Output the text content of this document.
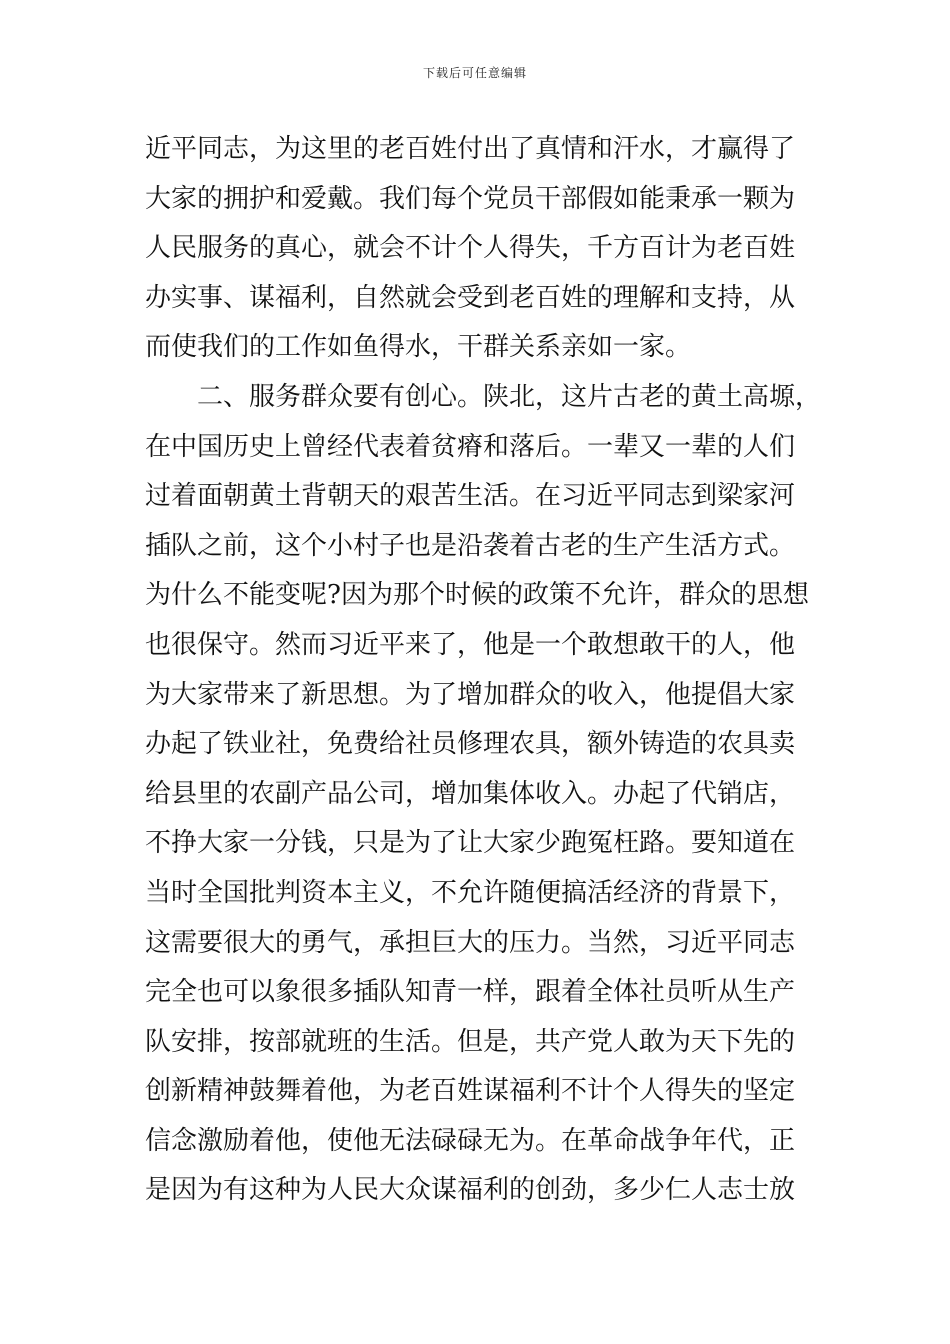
下载后可任意编辑
近平同志，为这里的老百姓付出了真情和汗水，才赢得了
大家的拥护和爱戴。我们每个党员干部假如能秉承一颗为
人民服务的真心，就会不计个人得失，千方百计为老百姓
办实事、谋福利，自然就会受到老百姓的理解和支持，从
而使我们的工作如鱼得水，干群关系亲如一家。
　　二、服务群众要有创心。陕北，这片古老的黄土高塬，
在中国历史上曾经代表着贫瘠和落后。一辈又一辈的人们
过着面朝黄土背朝天的艰苦生活。在习近平同志到梁家河
插队之前，这个小村子也是沿袭着古老的生产生活方式。
为什么不能变呢?因为那个时候的政策不允许，群众的思想
也很保守。然而习近平来了，他是一个敢想敢干的人，他
为大家带来了新思想。为了增加群众的收入，他提倡大家
办起了铁业社，免费给社员修理农具，额外铸造的农具卖
给县里的农副产品公司，增加集体收入。办起了代销店，
不挣大家一分钱，只是为了让大家少跑冤枉路。要知道在
当时全国批判资本主义，不允许随便搞活经济的背景下，
这需要很大的勇气，承担巨大的压力。当然，习近平同志
完全也可以象很多插队知青一样，跟着全体社员听从生产
队安排，按部就班的生活。但是，共产党人敢为天下先的
创新精神鼓舞着他，为老百姓谋福利不计个人得失的坚定
信念激励着他，使他无法碌碌无为。在革命战争年代，正
是因为有这种为人民大众谋福利的创劲，多少仁人志士放
